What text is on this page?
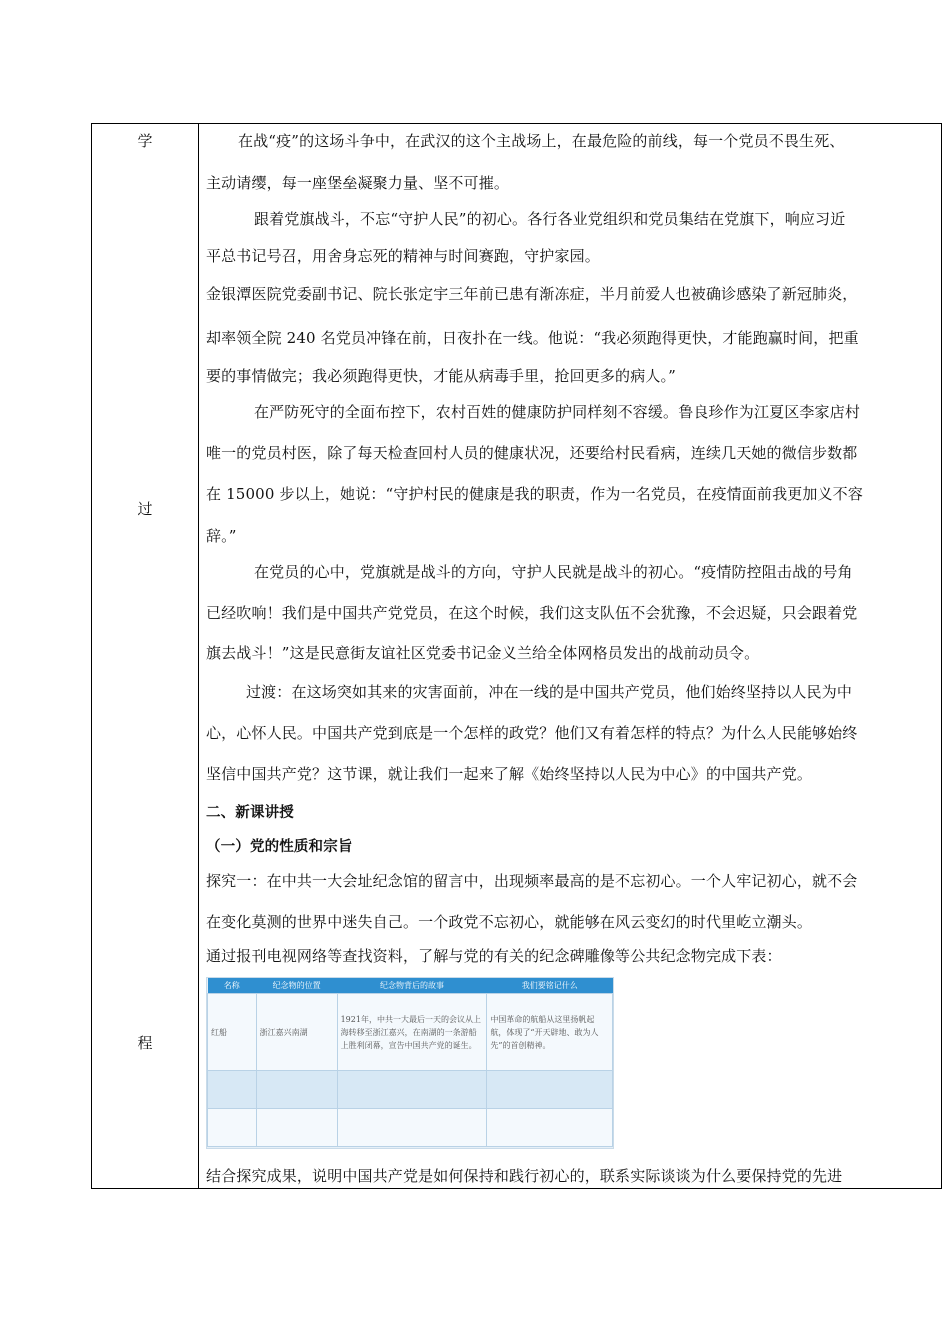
学
过
程
在战“疫”的这场斗争中，在武汉的这个主战场上，在最危险的前线，每一个党员不畏生死、
主动请缨，每一座堡垒凝聚力量、坚不可摧。
跟着党旗战斗，不忘“守护人民”的初心。各行各业党组织和党员集结在党旗下，响应习近
平总书记号召，用舍身忘死的精神与时间赛跑，守护家园。
金银潭医院党委副书记、院长张定宇三年前已患有渐冻症，半月前爱人也被确诊感染了新冠肺炎，
却率领全院 240 名党员冲锋在前，日夜扑在一线。他说：“我必须跑得更快，才能跑赢时间，把重
要的事情做完；我必须跑得更快，才能从病毒手里，抢回更多的病人。”
在严防死守的全面布控下，农村百姓的健康防护同样刻不容缓。鲁良珍作为江夏区李家店村
唯一的党员村医，除了每天检查回村人员的健康状况，还要给村民看病，连续几天她的微信步数都
在 15000 步以上，她说：“守护村民的健康是我的职责，作为一名党员，在疫情面前我更加义不容
辞。”
在党员的心中，党旗就是战斗的方向，守护人民就是战斗的初心。“疫情防控阻击战的号角
已经吹响！我们是中国共产党党员，在这个时候，我们这支队伍不会犹豫，不会迟疑，只会跟着党
旗去战斗！”这是民意街友谊社区党委书记金义兰给全体网格员发出的战前动员令。
过渡：在这场突如其来的灾害面前，冲在一线的是中国共产党员，他们始终坚持以人民为中
心，心怀人民。中国共产党到底是一个怎样的政党？他们又有着怎样的特点？为什么人民能够始终
坚信中国共产党？这节课，就让我们一起来了解《始终坚持以人民为中心》的中国共产党。
二、新课讲授
（一）党的性质和宗旨
探究一：在中共一大会址纪念馆的留言中，出现频率最高的是不忘初心。一个人牢记初心，就不会
在变化莫测的世界中迷失自己。一个政党不忘初心，就能够在风云变幻的时代里屹立潮头。
通过报刊电视网络等查找资料，了解与党的有关的纪念碑雕像等公共纪念物完成下表：
名称	纪念物的位置	纪念物背后的故事	我们要铭记什么
红船	浙江嘉兴南湖	1921年，中共一大最后一天的会议从上海转移至浙江嘉兴，在南湖的一条游船上胜利闭幕，宣告中国共产党的诞生。	中国革命的航船从这里扬帆起航，体现了“开天辟地、敢为人先”的首创精神。

结合探究成果，说明中国共产党是如何保持和践行初心的，联系实际谈谈为什么要保持党的先进
